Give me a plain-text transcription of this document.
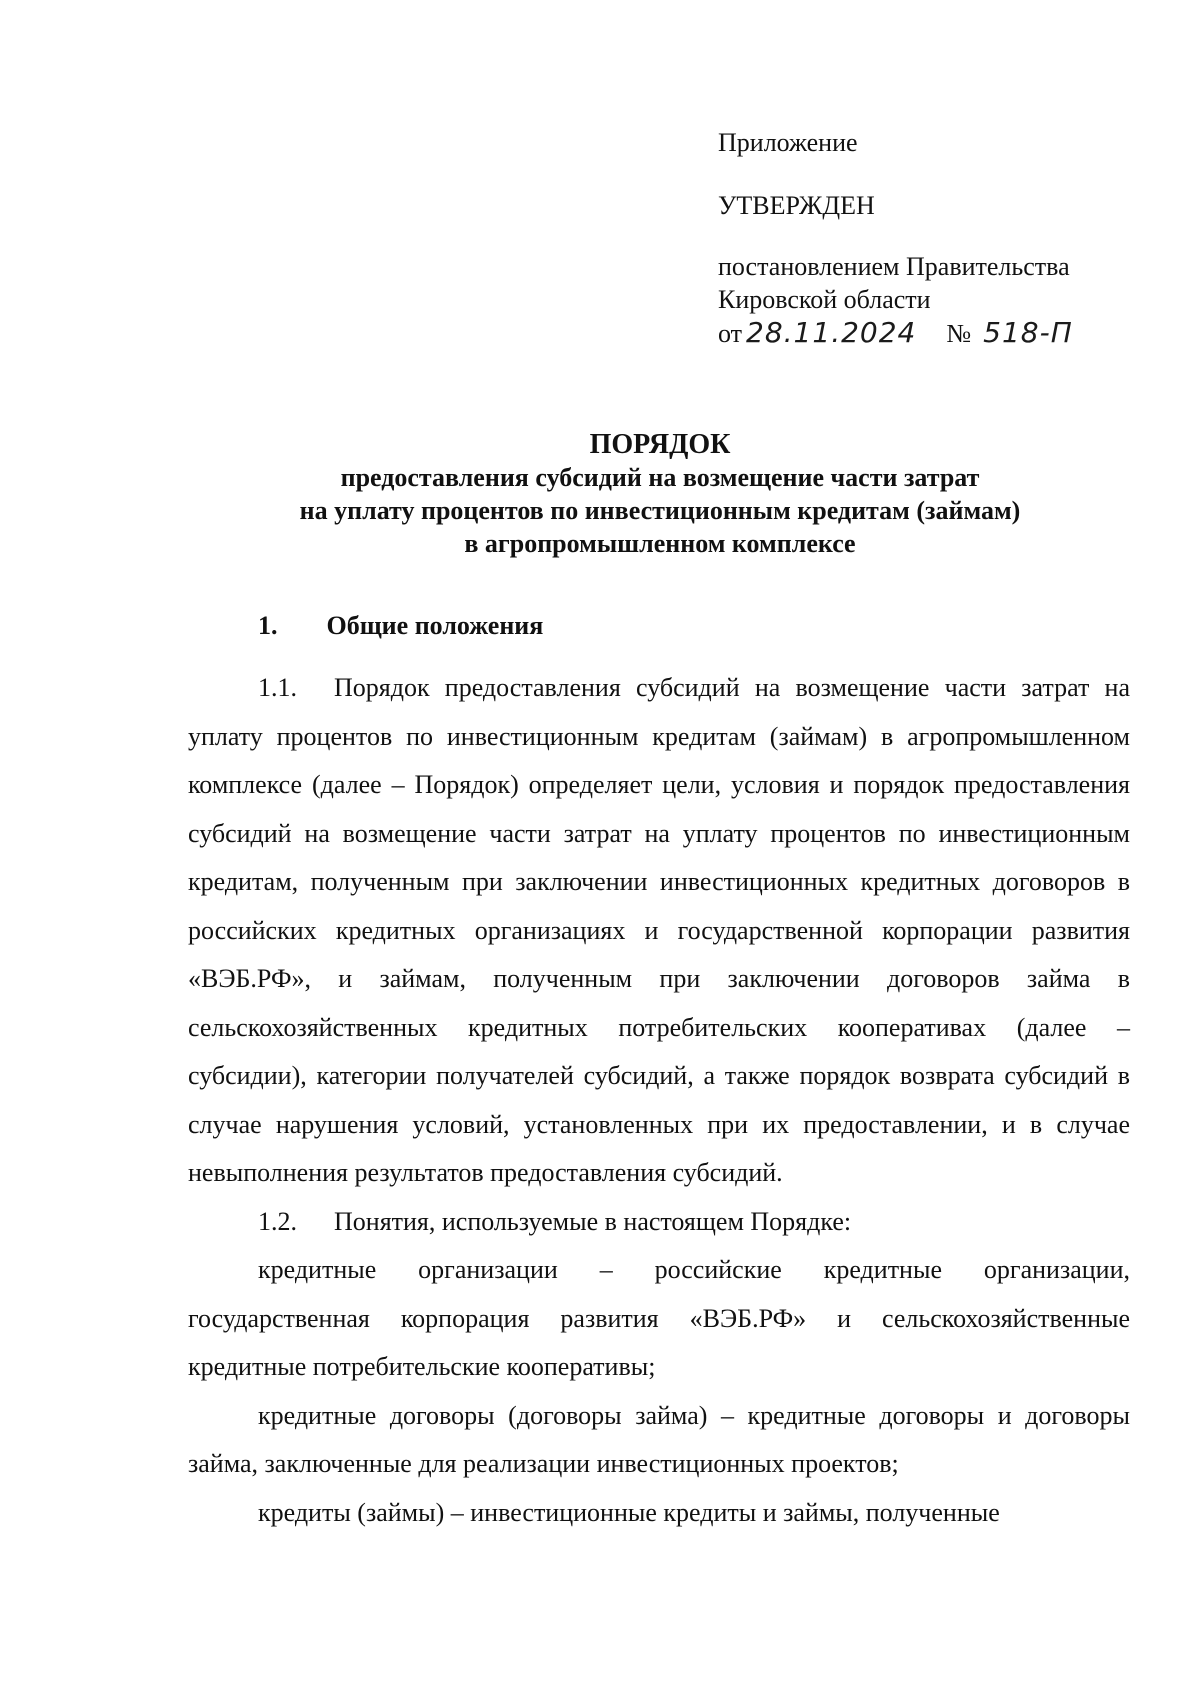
Приложение
УТВЕРЖДЕН
постановлением Правительства
Кировской области
от 28.11.2024 № 518-П
ПОРЯДОК
предоставления субсидий на возмещение части затрат
на уплату процентов по инвестиционным кредитам (займам)
в агропромышленном комплексе
1. Общие положения

1.1. Порядок предоставления субсидий на возмещение части затрат на уплату процентов по инвестиционным кредитам (займам) в агропромышленном комплексе (далее – Порядок) определяет цели, условия и порядок предоставления субсидий на возмещение части затрат на уплату процентов по инвестиционным кредитам, полученным при заключении инвестиционных кредитных договоров в российских кредитных организациях и государственной корпорации развития «ВЭБ.РФ», и займам, полученным при заключении договоров займа в сельскохозяйственных кредитных потребительских кооперативах (далее – субсидии), категории получателей субсидий, а также порядок возврата субсидий в случае нарушения условий, установленных при их предоставлении, и в случае невыполнения результатов предоставления субсидий.

1.2. Понятия, используемые в настоящем Порядке:

кредитные организации – российские кредитные организации, государственная корпорация развития «ВЭБ.РФ» и сельскохозяйственные кредитные потребительские кооперативы;

кредитные договоры (договоры займа) – кредитные договоры и договоры займа, заключенные для реализации инвестиционных проектов;

кредиты (займы) – инвестиционные кредиты и займы, полученные
